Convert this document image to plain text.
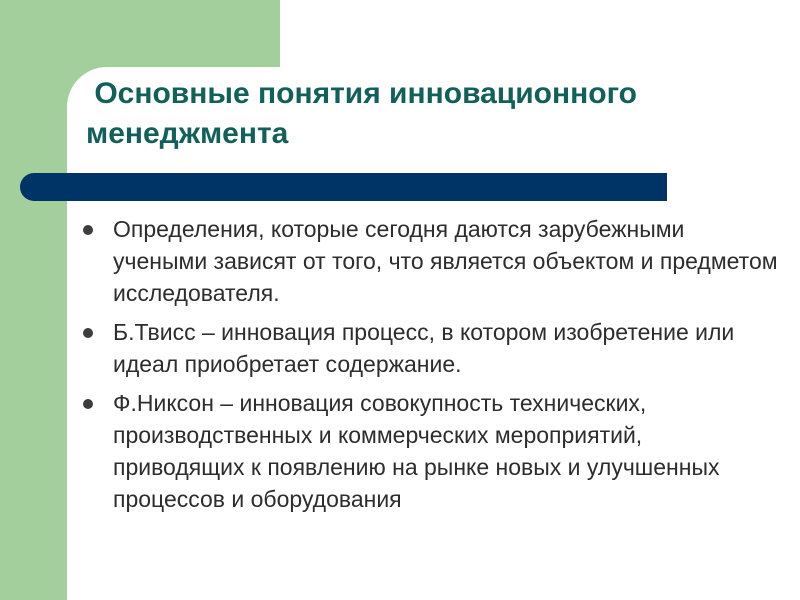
Основные понятия инновационного менеджмента
Определения, которые сегодня даются зарубежными учеными зависят от того, что является объектом и предметом исследователя.
Б.Твисс – инновация процесс, в котором изобретение или идеал приобретает содержание.
Ф.Никсон – инновация совокупность технических, производственных и коммерческих мероприятий, приводящих к появлению на рынке новых и улучшенных процессов и оборудования
